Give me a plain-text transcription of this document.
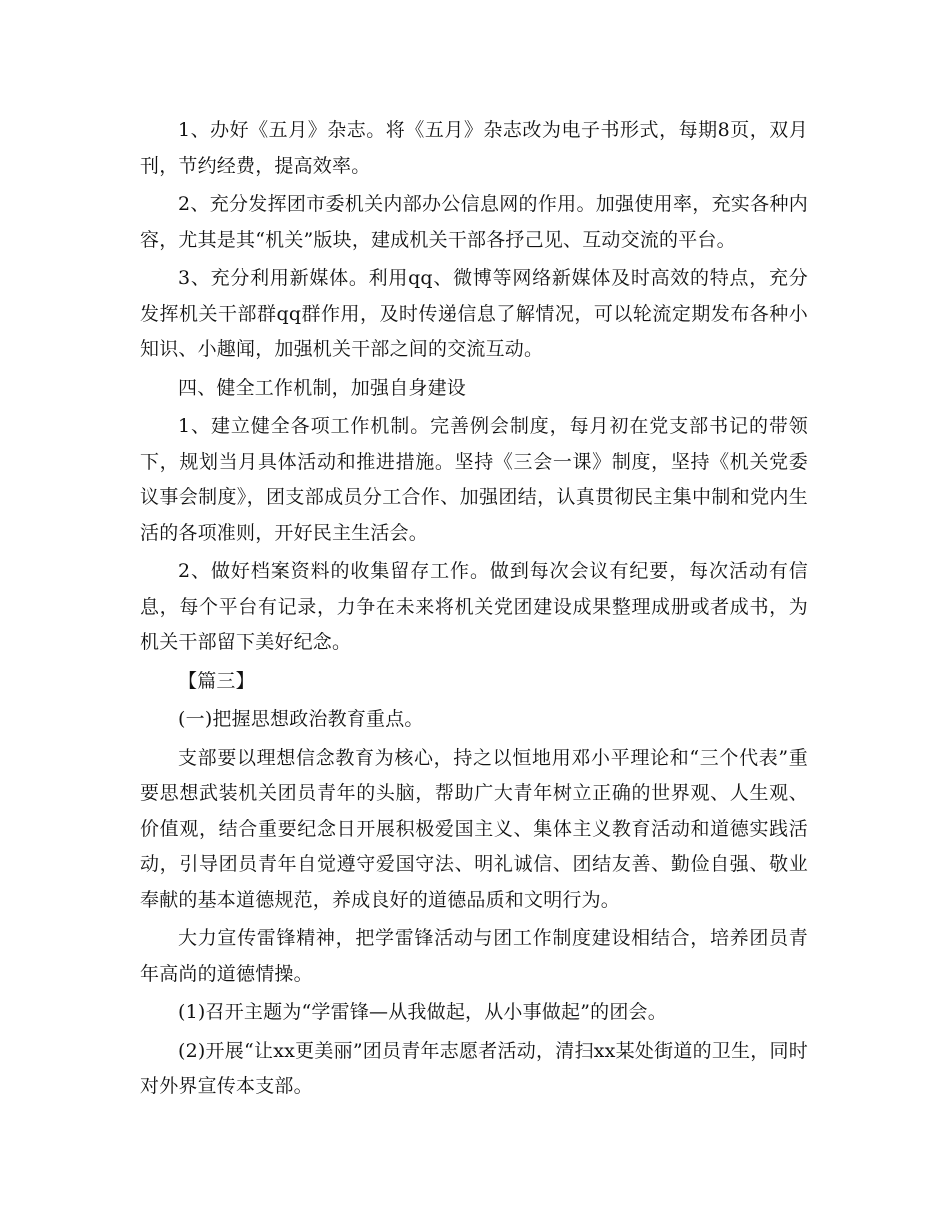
1、办好《五月》杂志。将《五月》杂志改为电子书形式，每期8页，双月刊，节约经费，提高效率。

2、充分发挥团市委机关内部办公信息网的作用。加强使用率，充实各种内容，尤其是其“机关”版块，建成机关干部各抒己见、互动交流的平台。

3、充分利用新媒体。利用qq、微博等网络新媒体及时高效的特点，充分发挥机关干部群qq群作用，及时传递信息了解情况，可以轮流定期发布各种小知识、小趣闻，加强机关干部之间的交流互动。

四、健全工作机制，加强自身建设

1、建立健全各项工作机制。完善例会制度，每月初在党支部书记的带领下，规划当月具体活动和推进措施。坚持《三会一课》制度，坚持《机关党委议事会制度》，团支部成员分工合作、加强团结，认真贯彻民主集中制和党内生活的各项准则，开好民主生活会。

2、做好档案资料的收集留存工作。做到每次会议有纪要，每次活动有信息，每个平台有记录，力争在未来将机关党团建设成果整理成册或者成书，为机关干部留下美好纪念。

【篇三】

(一)把握思想政治教育重点。

支部要以理想信念教育为核心，持之以恒地用邓小平理论和“三个代表”重要思想武装机关团员青年的头脑，帮助广大青年树立正确的世界观、人生观、价值观，结合重要纪念日开展积极爱国主义、集体主义教育活动和道德实践活动，引导团员青年自觉遵守爱国守法、明礼诚信、团结友善、勤俭自强、敬业奉献的基本道德规范，养成良好的道德品质和文明行为。

大力宣传雷锋精神，把学雷锋活动与团工作制度建设相结合，培养团员青年高尚的道德情操。

(1)召开主题为“学雷锋—从我做起，从小事做起”的团会。

(2)开展“让xx更美丽”团员青年志愿者活动，清扫xx某处街道的卫生，同时对外界宣传本支部。
